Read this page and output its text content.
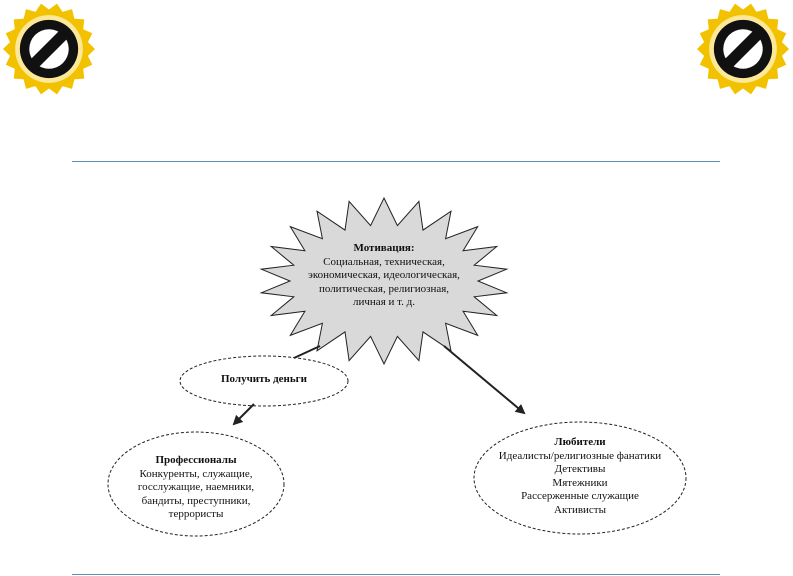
Мотивация:
Социальная, техническая,
экономическая, идеологическая,
политическая, религиозная,
личная и т. д.
Получить деньги
Профессионалы
Конкуренты, служащие,
госслужащие, наемники,
бандиты, преступники,
террористы
Любители
Идеалисты/религиозные фанатики
Детективы
Мятежники
Рассерженные служащие
Активисты
